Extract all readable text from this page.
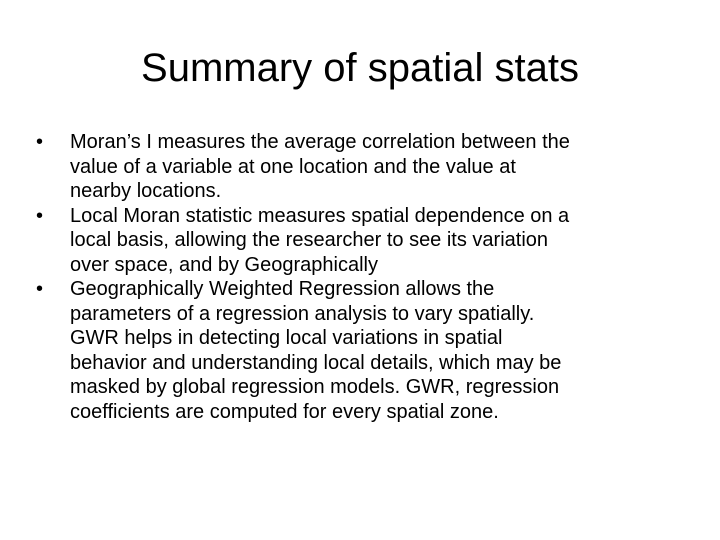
Summary of spatial stats
•	Moran’s I measures the average correlation between the
value of a variable at one location and the value at
nearby locations.
•	Local Moran statistic measures spatial dependence on a
local basis, allowing the researcher to see its variation
over space, and by Geographically
•	Geographically Weighted Regression allows the
parameters of a regression analysis to vary spatially.
GWR helps in detecting local variations in spatial
behavior and understanding local details, which may be
masked by global regression models. GWR, regression
coefficients are computed for every spatial zone.
